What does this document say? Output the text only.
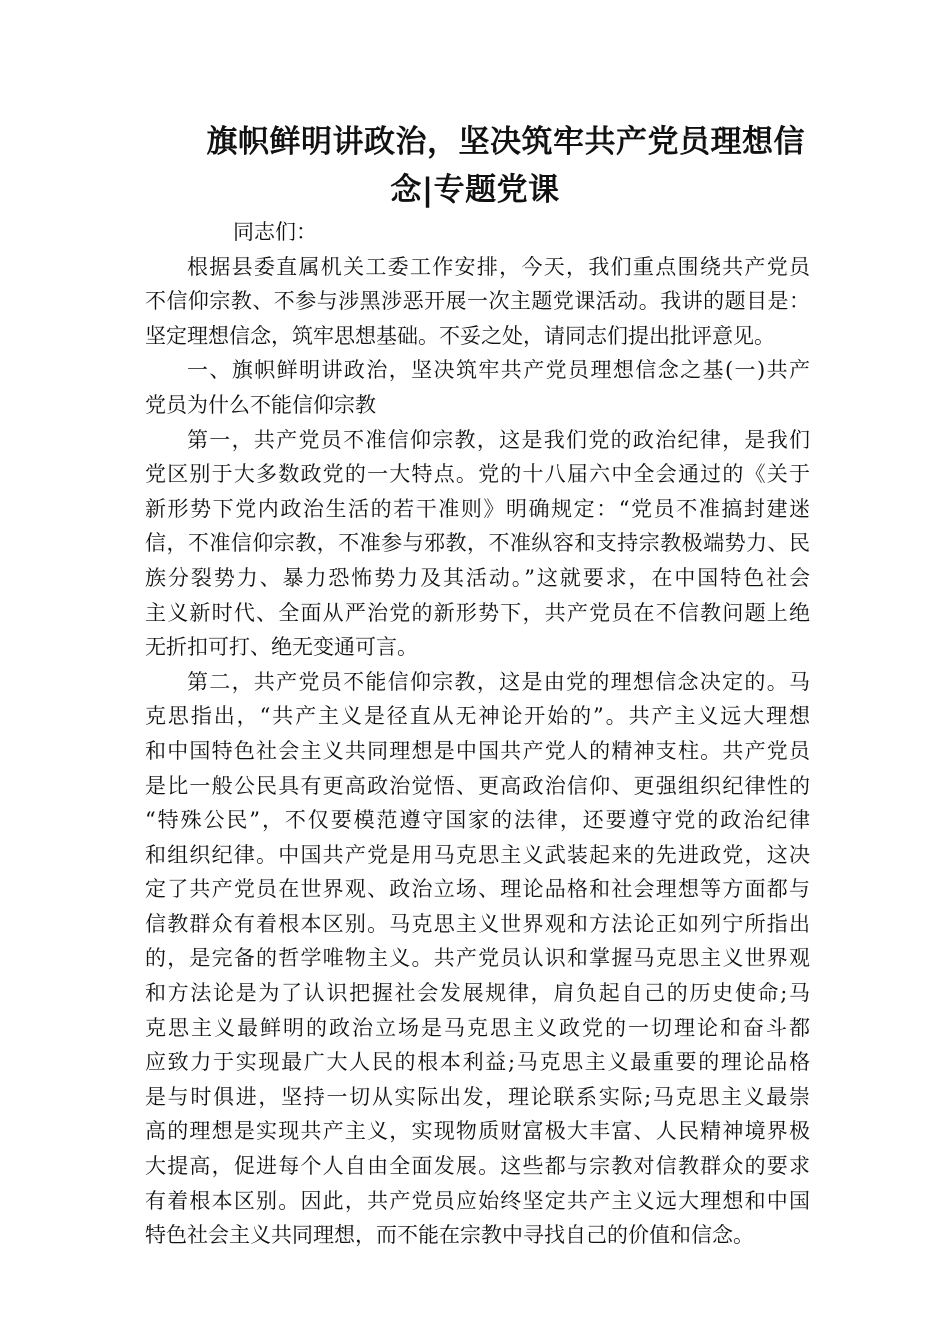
旗帜鲜明讲政治，坚决筑牢共产党员理想信
念|专题党课
同志们：
根据县委直属机关工委工作安排，今天，我们重点围绕共产党员
不信仰宗教、不参与涉黑涉恶开展一次主题党课活动。我讲的题目是：
坚定理想信念，筑牢思想基础。不妥之处，请同志们提出批评意见。
一、旗帜鲜明讲政治，坚决筑牢共产党员理想信念之基(一)共产
党员为什么不能信仰宗教
第一，共产党员不准信仰宗教，这是我们党的政治纪律，是我们
党区别于大多数政党的一大特点。党的十八届六中全会通过的《关于
新形势下党内政治生活的若干准则》明确规定：“党员不准搞封建迷
信，不准信仰宗教，不准参与邪教，不准纵容和支持宗教极端势力、民
族分裂势力、暴力恐怖势力及其活动。”这就要求，在中国特色社会
主义新时代、全面从严治党的新形势下，共产党员在不信教问题上绝
无折扣可打、绝无变通可言。
第二，共产党员不能信仰宗教，这是由党的理想信念决定的。马
克思指出，“共产主义是径直从无神论开始的”。共产主义远大理想
和中国特色社会主义共同理想是中国共产党人的精神支柱。共产党员
是比一般公民具有更高政治觉悟、更高政治信仰、更强组织纪律性的
“特殊公民”，不仅要模范遵守国家的法律，还要遵守党的政治纪律
和组织纪律。中国共产党是用马克思主义武装起来的先进政党，这决
定了共产党员在世界观、政治立场、理论品格和社会理想等方面都与
信教群众有着根本区别。马克思主义世界观和方法论正如列宁所指出
的，是完备的哲学唯物主义。共产党员认识和掌握马克思主义世界观
和方法论是为了认识把握社会发展规律，肩负起自己的历史使命;马
克思主义最鲜明的政治立场是马克思主义政党的一切理论和奋斗都
应致力于实现最广大人民的根本利益;马克思主义最重要的理论品格
是与时俱进，坚持一切从实际出发，理论联系实际;马克思主义最崇
高的理想是实现共产主义，实现物质财富极大丰富、人民精神境界极
大提高，促进每个人自由全面发展。这些都与宗教对信教群众的要求
有着根本区别。因此，共产党员应始终坚定共产主义远大理想和中国
特色社会主义共同理想，而不能在宗教中寻找自己的价值和信念。
